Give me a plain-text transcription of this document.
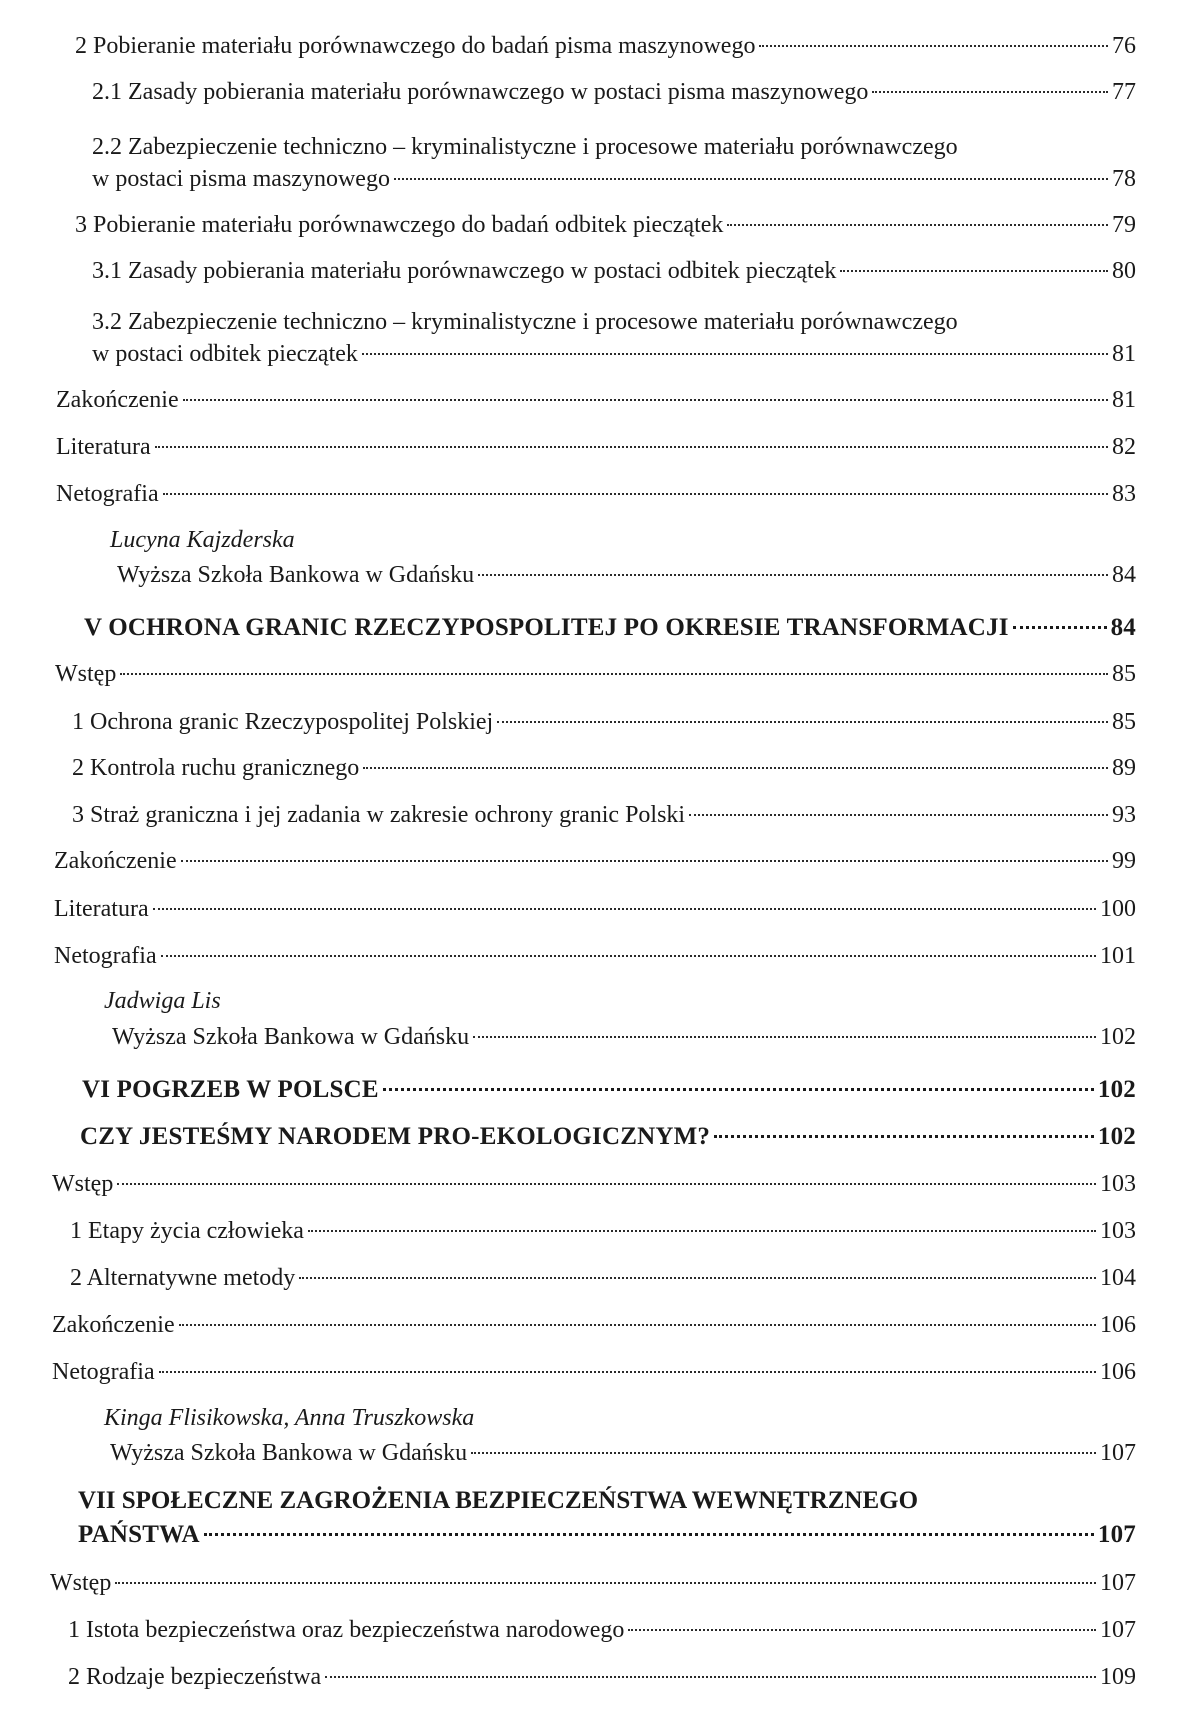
2 Pobieranie materiału porównawczego do badań pisma maszynowego	76
2.1 Zasady pobierania materiału porównawczego w postaci pisma maszynowego	77
2.2 Zabezpieczenie techniczno – kryminalistyczne i procesowe materiału porównawczego
w postaci pisma maszynowego	78
3 Pobieranie materiału porównawczego do badań odbitek pieczątek	79
3.1 Zasady pobierania materiału porównawczego w postaci odbitek pieczątek	80
3.2 Zabezpieczenie techniczno – kryminalistyczne i procesowe materiału porównawczego
w postaci odbitek pieczątek	81
Zakończenie	81
Literatura	82
Netografia	83
Lucyna Kajzderska
Wyższa Szkoła Bankowa w Gdańsku	84
V OCHRONA GRANIC RZECZYPOSPOLITEJ PO OKRESIE TRANSFORMACJI	84
Wstęp	85
1 Ochrona granic Rzeczypospolitej Polskiej	85
2 Kontrola ruchu granicznego	89
3 Straż graniczna i jej zadania w zakresie ochrony granic Polski	93
Zakończenie	99
Literatura	100
Netografia	101
Jadwiga Lis
Wyższa Szkoła Bankowa w Gdańsku	102
VI POGRZEB W POLSCE	102
CZY JESTEŚMY NARODEM PRO-EKOLOGICZNYM?	102
Wstęp	103
1 Etapy życia człowieka	103
2 Alternatywne metody	104
Zakończenie	106
Netografia	106
Kinga Flisikowska, Anna Truszkowska
Wyższa Szkoła Bankowa w Gdańsku	107
VII SPOŁECZNE ZAGROŻENIA BEZPIECZEŃSTWA WEWNĘTRZNEGO
PAŃSTWA	107
Wstęp	107
1 Istota bezpieczeństwa oraz bezpieczeństwa narodowego	107
2 Rodzaje bezpieczeństwa	109
